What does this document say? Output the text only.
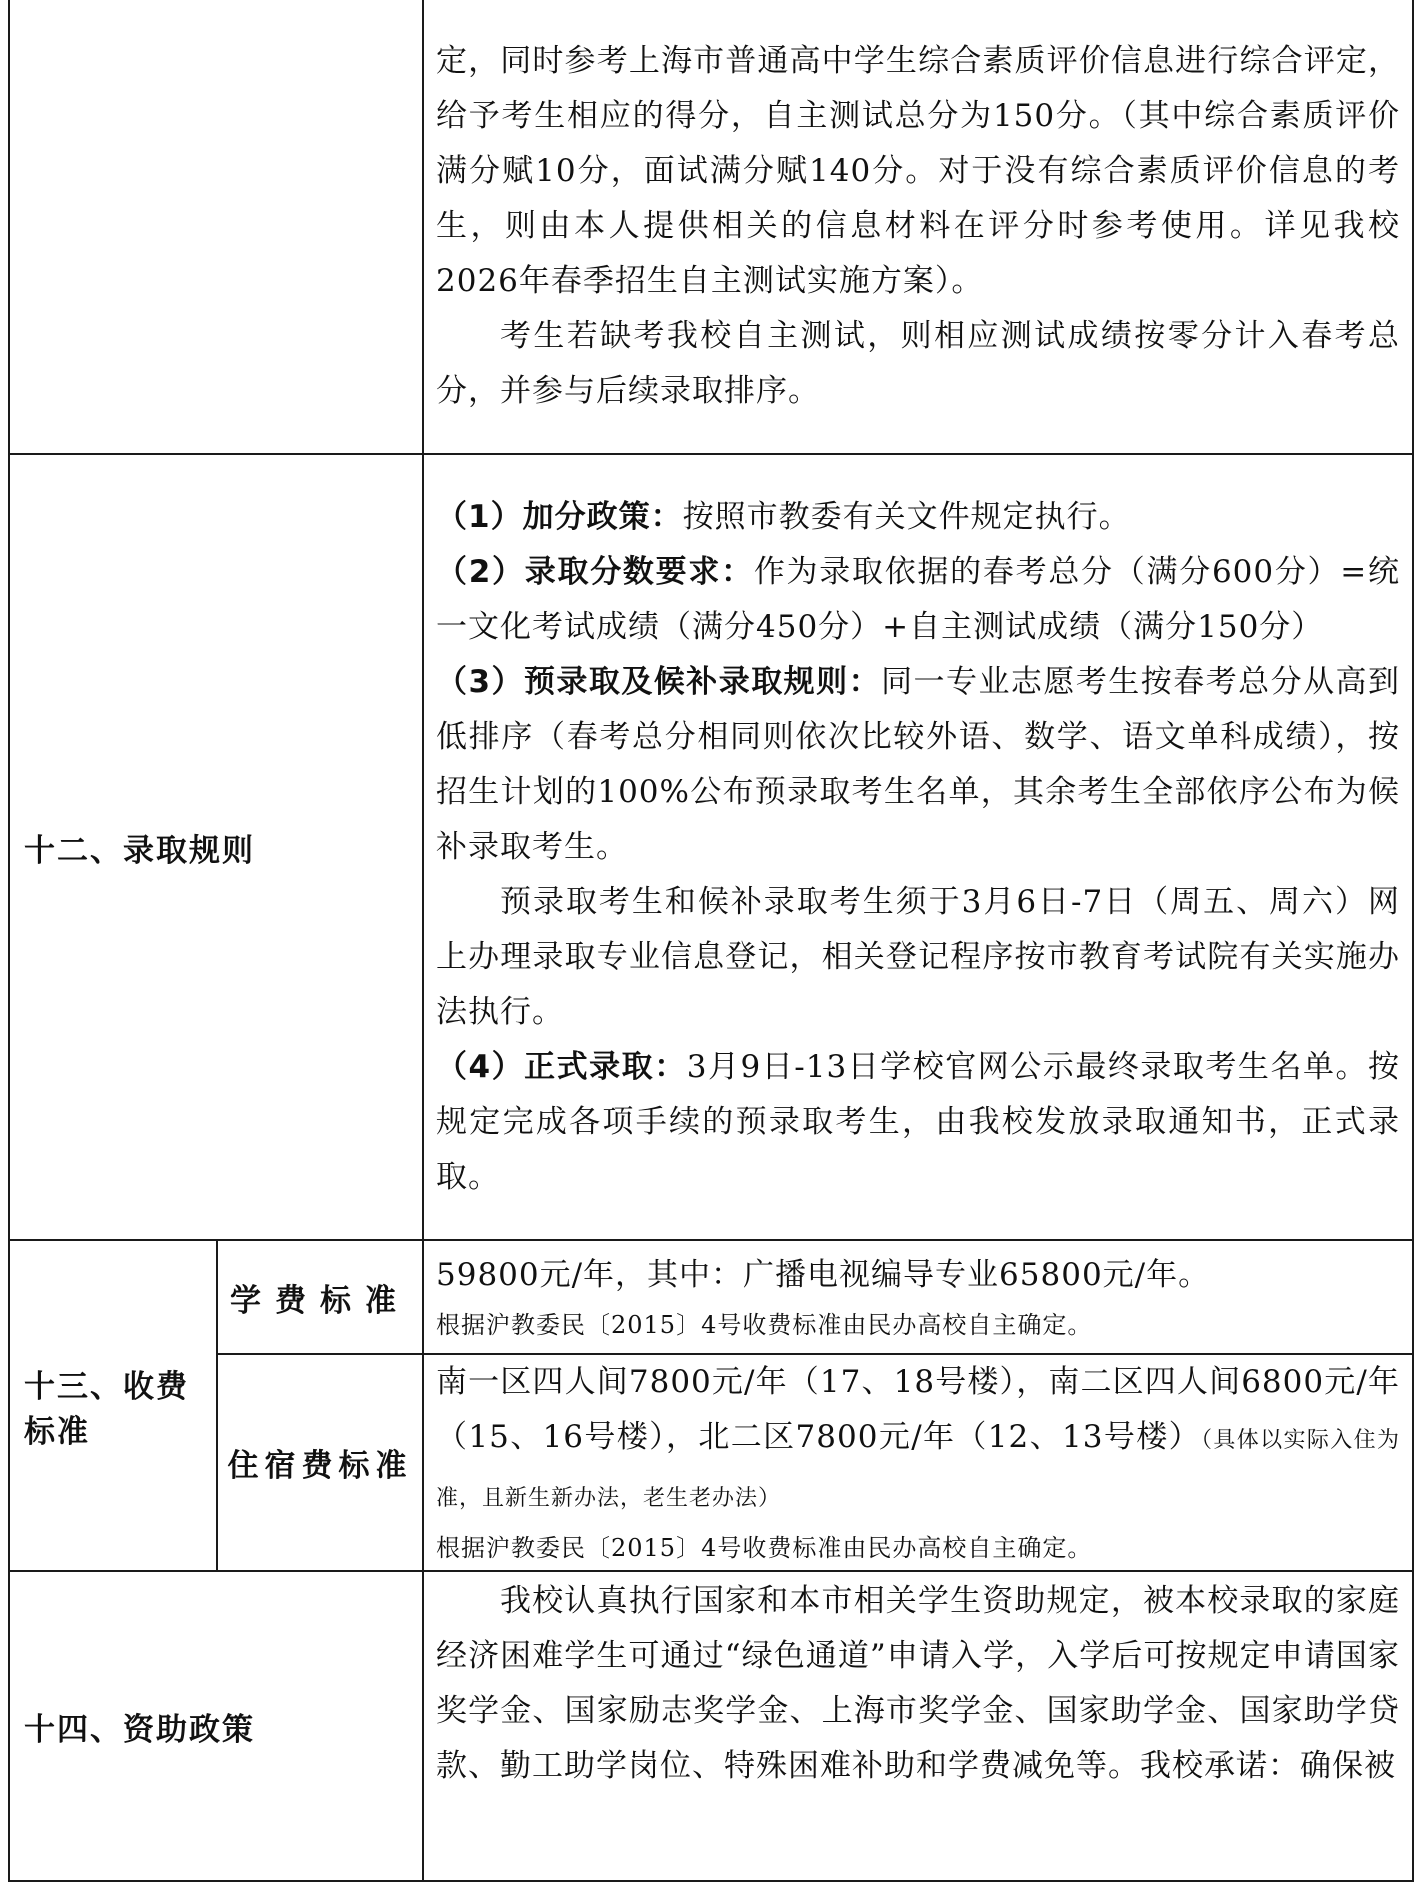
		定，同时参考上海市普通高中学生综合素质评价信息进行综合评定，给予考生相应的得分，自主测试总分为150分。（其中综合素质评价满分赋10分，面试满分赋140分。对于没有综合素质评价信息的考生，则由本人提供相关的信息材料在评分时参考使用。详见我校2026年春季招生自主测试实施方案）。

考生若缺考我校自主测试，则相应测试成绩按零分计入春考总分，并参与后续录取排序。

十二、录取规则		（1）加分政策：按照市教委有关文件规定执行。

（2）录取分数要求：作为录取依据的春考总分（满分600分）=统一文化考试成绩（满分450分）+自主测试成绩（满分150分）

（3）预录取及候补录取规则：同一专业志愿考生按春考总分从高到低排序（春考总分相同则依次比较外语、数学、语文单科成绩），按招生计划的100%公布预录取考生名单，其余考生全部依序公布为候补录取考生。

预录取考生和候补录取考生须于3月6日-7日（周五、周六）网上办理录取专业信息登记，相关登记程序按市教育考试院有关实施办法执行。

（4）正式录取：3月9日-13日学校官网公示最终录取考生名单。按规定完成各项手续的预录取考生，由我校发放录取通知书，正式录取。

十三、收费标准	学费标准	59800元/年，其中：广播电视编导专业65800元/年。

根据沪教委民〔2015〕4号收费标准由民办高校自主确定。

	住宿费标准	南一区四人间7800元/年（17、18号楼），南二区四人间6800元/年（15、16号楼），北二区7800元/年（12、13号楼）（具体以实际入住为准，且新生新办法，老生老办法）

根据沪教委民〔2015〕4号收费标准由民办高校自主确定。

十四、资助政策		我校认真执行国家和本市相关学生资助规定，被本校录取的家庭经济困难学生可通过“绿色通道”申请入学，入学后可按规定申请国家奖学金、国家励志奖学金、上海市奖学金、国家助学金、国家助学贷款、勤工助学岗位、特殊困难补助和学费减免等。我校承诺：确保被
